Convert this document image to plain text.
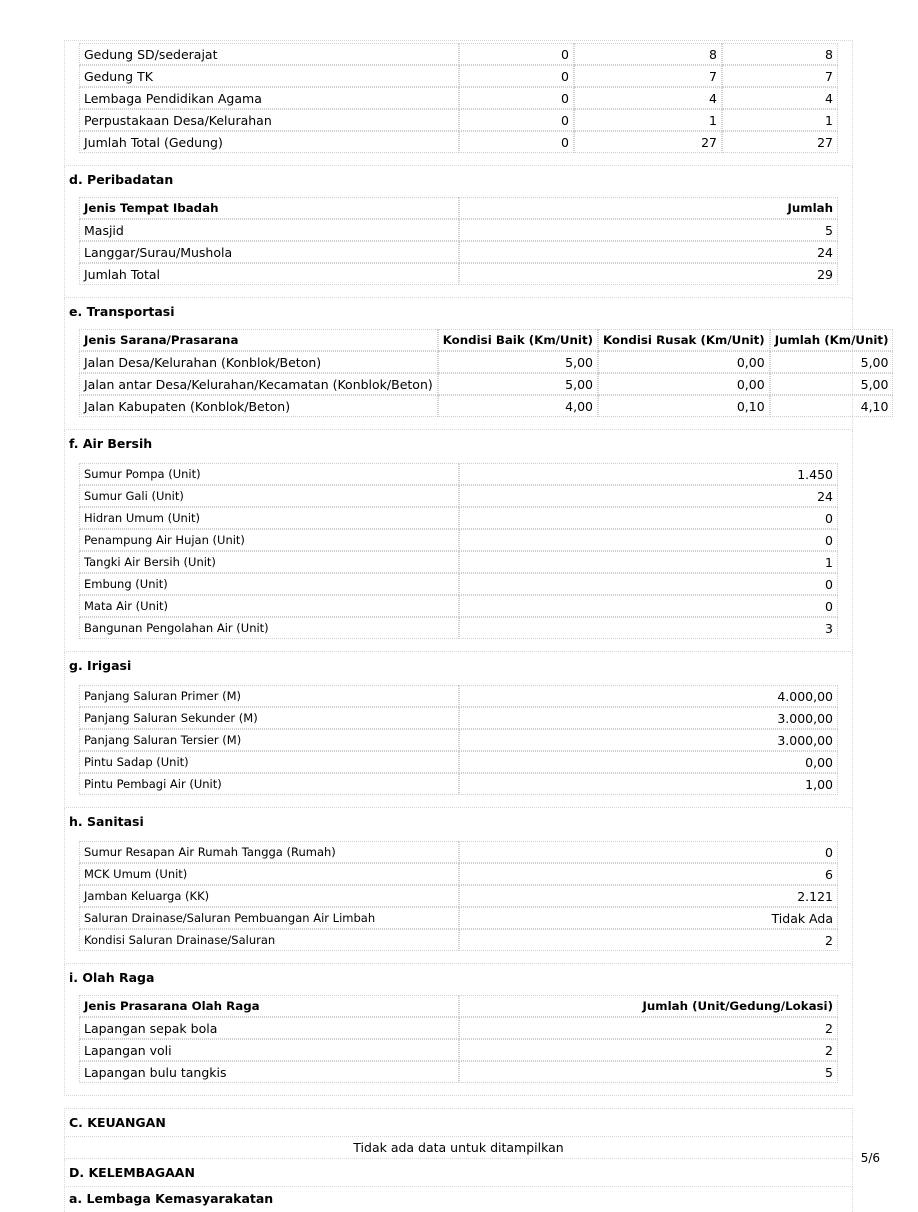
Gedung SD/sederajat	0	8	8
Gedung TK	0	7	7
Lembaga Pendidikan Agama	0	4	4
Perpustakaan Desa/Kelurahan	0	1	1
Jumlah Total (Gedung)	0	27	27
d. Peribadatan
Jenis Tempat Ibadah	Jumlah
Masjid	5
Langgar/Surau/Mushola	24
Jumlah Total	29
e. Transportasi
Jenis Sarana/Prasarana	Kondisi Baik (Km/Unit)	Kondisi Rusak (Km/Unit)	Jumlah (Km/Unit)
Jalan Desa/Kelurahan (Konblok/Beton)	5,00	0,00	5,00
Jalan antar Desa/Kelurahan/Kecamatan (Konblok/Beton)	5,00	0,00	5,00
Jalan Kabupaten (Konblok/Beton)	4,00	0,10	4,10
f. Air Bersih
Sumur Pompa (Unit)	1.450
Sumur Gali (Unit)	24
Hidran Umum (Unit)	0
Penampung Air Hujan (Unit)	0
Tangki Air Bersih (Unit)	1
Embung (Unit)	0
Mata Air (Unit)	0
Bangunan Pengolahan Air (Unit)	3
g. Irigasi
Panjang Saluran Primer (M)	4.000,00
Panjang Saluran Sekunder (M)	3.000,00
Panjang Saluran Tersier (M)	3.000,00
Pintu Sadap (Unit)	0,00
Pintu Pembagi Air (Unit)	1,00
h. Sanitasi
Sumur Resapan Air Rumah Tangga (Rumah)	0
MCK Umum (Unit)	6
Jamban Keluarga (KK)	2.121
Saluran Drainase/Saluran Pembuangan Air Limbah	Tidak Ada
Kondisi Saluran Drainase/Saluran	2
i. Olah Raga
Jenis Prasarana Olah Raga	Jumlah (Unit/Gedung/Lokasi)
Lapangan sepak bola	2
Lapangan voli	2
Lapangan bulu tangkis	5
C. KEUANGAN
Tidak ada data untuk ditampilkan
D. KELEMBAGAAN
a. Lembaga Kemasyarakatan
5/6
